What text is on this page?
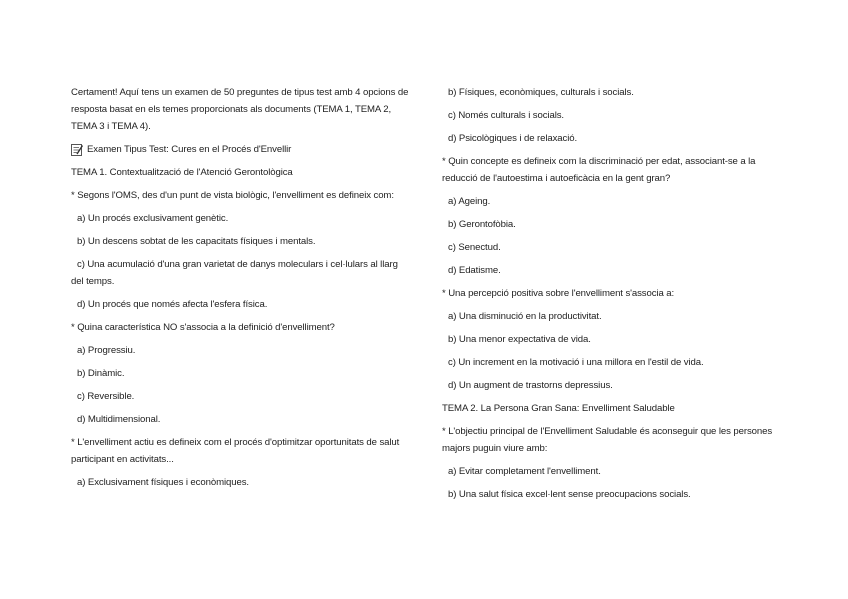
Certament! Aquí tens un examen de 50 preguntes de tipus test amb 4 opcions de resposta basat en els temes proporcionats als documents (TEMA 1, TEMA 2, TEMA 3 i TEMA 4).

Examen Tipus Test: Cures en el Procés d'Envellir

TEMA 1. Contextualització de l'Atenció Gerontològica

* Segons l'OMS, des d'un punt de vista biològic, l'envelliment es defineix com:

a) Un procés exclusivament genètic.

b) Un descens sobtat de les capacitats físiques i mentals.

c) Una acumulació d'una gran varietat de danys moleculars i cel·lulars al llarg del temps.

d) Un procés que només afecta l'esfera física.

* Quina característica NO s'associa a la definició d'envelliment?

a) Progressiu.

b) Dinàmic.

c) Reversible.

d) Multidimensional.

* L'envelliment actiu es defineix com el procés d'optimitzar oportunitats de salut participant en activitats...

a) Exclusivament físiques i econòmiques.

b) Físiques, econòmiques, culturals i socials.

c) Només culturals i socials.

d) Psicològiques i de relaxació.

* Quin concepte es defineix com la discriminació per edat, associant-se a la reducció de l'autoestima i autoeficàcia en la gent gran?

a) Ageing.

b) Gerontofòbia.

c) Senectud.

d) Edatisme.

* Una percepció positiva sobre l'envelliment s'associa a:

a) Una disminució en la productivitat.

b) Una menor expectativa de vida.

c) Un increment en la motivació i una millora en l'estil de vida.

d) Un augment de trastorns depressius.

TEMA 2. La Persona Gran Sana: Envelliment Saludable

* L'objectiu principal de l'Envelliment Saludable és aconseguir que les persones majors puguin viure amb:

a) Evitar completament l'envelliment.

b) Una salut física excel·lent sense preocupacions socials.
